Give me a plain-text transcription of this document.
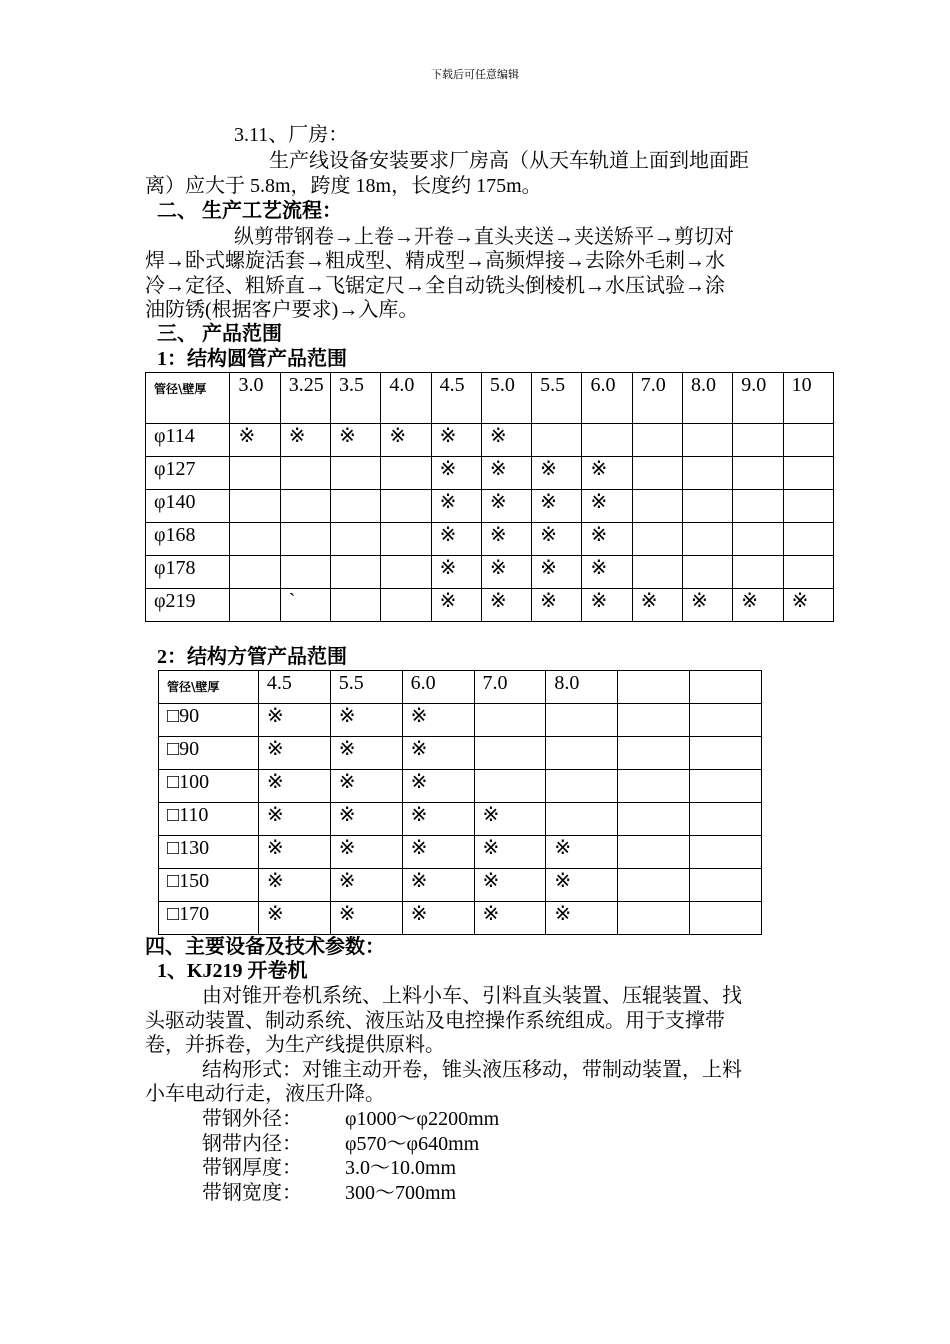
下载后可任意编辑
3.11、厂房：
生产线设备安装要求厂房高（从天车轨道上面到地面距
离）应大于 5.8m，跨度 18m，长度约 175m。
二、 生产工艺流程：
纵剪带钢卷→上卷→开卷→直头夹送→夹送矫平→剪切对
焊→卧式螺旋活套→粗成型、精成型→高频焊接→去除外毛刺→水
冷→定径、粗矫直→飞锯定尺→全自动铣头倒棱机→水压试验→涂
油防锈(根据客户要求)→入库。
三、 产品范围
1：结构圆管产品范围
管径\壁厚	3.0	3.25	3.5	4.0	4.5	5.0	5.5	6.0	7.0	8.0	9.0	10
φ114	※	※	※	※	※	※						
φ127					※	※	※	※				
φ140					※	※	※	※				
φ168					※	※	※	※				
φ178					※	※	※	※				
φ219		`			※	※	※	※	※	※	※	※
2：结构方管产品范围
管径\壁厚	4.5	5.5	6.0	7.0	8.0		
□90	※	※	※				
□90	※	※	※				
□100	※	※	※				
□110	※	※	※	※			
□130	※	※	※	※	※		
□150	※	※	※	※	※		
□170	※	※	※	※	※		
四、主要设备及技术参数：
1、KJ219 开卷机
由对锥开卷机系统、上料小车、引料直头装置、压辊装置、找
头驱动装置、制动系统、液压站及电控操作系统组成。用于支撑带
卷，并拆卷，为生产线提供原料。
结构形式：对锥主动开卷，锥头液压移动，带制动装置，上料
小车电动行走，液压升降。
带钢外径： φ1000～φ2200mm
钢带内径： φ570～φ640mm
带钢厚度： 3.0～10.0mm
带钢宽度： 300～700mm
